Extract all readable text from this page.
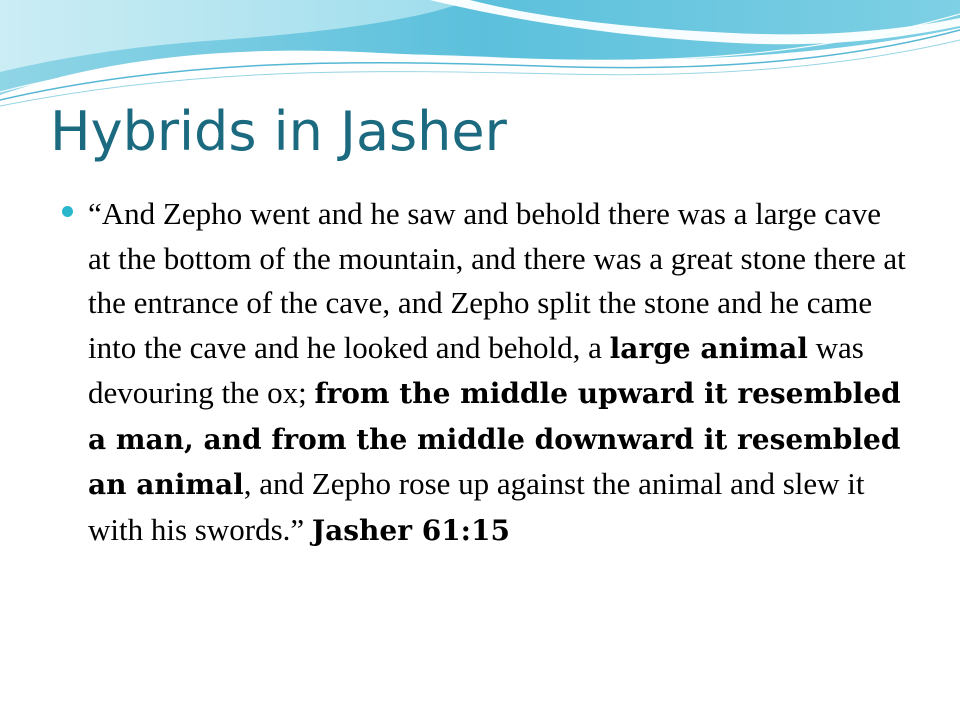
Hybrids in Jasher

“And Zepho went and he saw and behold there was a large cave at the bottom of the mountain, and there was a great stone there at the entrance of the cave, and Zepho split the stone and he came into the cave and he looked and behold, a large animal was devouring the ox; from the middle upward it resembled a man, and from the middle downward it resembled an animal, and Zepho rose up against the animal and slew it with his swords.” Jasher 61:15
